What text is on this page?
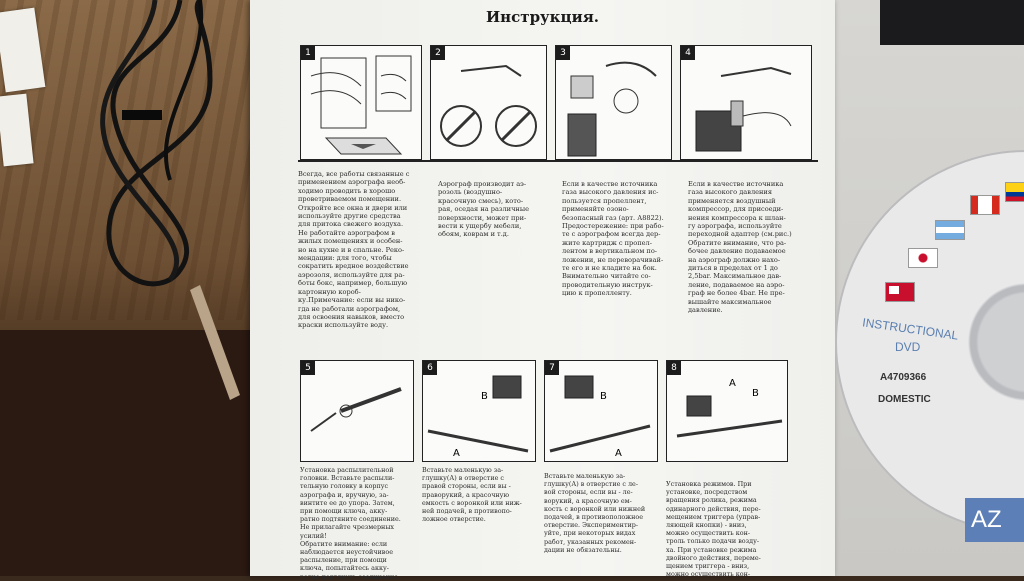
Инструкция.
1	2	3	4
Всегда, все работы связанные с
применением аэрографа необ-
ходимо проводить в хорошо
проветриваемом помещении.
Откройте все окна и двери или
используйте другие средства
для притока свежего воздуха.
Не работайте аэрографом в
жилых помещениях и особен-
но на кухне и в спальне. Реко-
мендации: для того, чтобы
сократить вредное воздействие
аэрозоля, используйте для ра-
боты бокс, например, большую
картонную короб-
ку.Примечание: если вы нико-
гда не работали аэрографом,
для освоения навыков, вместо
краски используйте воду.
Аэрограф производит аэ-
розоль (воздушно-
красочную смесь), кото-
рая, оседая на различные
поверхности, может при-
вести к ущербу мебели,
обоям, коврам и т.д.
Если в качестве источника
газа высокого давления ис-
пользуется пропеллент,
применяйте озоно-
безопасный газ (арт. А8822).
Предостережение: при рабо-
те с аэрографом всегда дер-
жите картридж с пропел-
лентом в вертикальном по-
ложении, не переворачивай-
те его и не кладите на бок.
Внимательно читайте со-
проводительную инструк-
цию к пропелленту.
Если в качестве источника
газа высокого давления
применяется воздушный
компрессор, для присоеди-
нения компрессора к шлан-
гу аэрографа, используйте
переходной адаптер (см.рис.)
Обратите внимание, что ра-
бочее давление подаваемое
на аэрограф должно нахо-
диться в пределах от 1 до
2,5bar. Максимальное дав-
ление, подаваемое на аэро-
граф не более 4bar. Не пре-
вышайте максимальное
давление.
5	6
B
A
7
B
A
8
A
B
Установка распылительной
головки. Вставьте распыли-
тельную головку в корпус
аэрографа и, вручную, за-
винтите ее до упора. Затем,
при помощи ключа, акку-
ратно подтяните соединение.
Не прилагайте чрезмерных
усилий!
Обратите внимание: если
наблюдается неустойчивое
распыление, при помощи
ключа, попытайтесь акку-
ратно подтянуть соединение.
Вставьте маленькую за-
глушку(А) в отверстие с
правой стороны, если вы -
праворукий, а красочную
емкость с воронкой или ниж-
ней подачей, в противопо-
ложное отверстие.
Вставьте маленькую за-
глушку(А) в отверстие с ле-
вой стороны, если вы - ле-
ворукий, а красочную ем-
кость с воронкой или нижней
подачей, в противоположное
отверстие. Экспериментир-
уйте, при некоторых видах
работ, указанных рекомен-
дации не обязательны.
Установка режимов. При
установке, посредством
вращения ролика, режима
одинарного действия, пере-
мещением триггера (управ-
ляющей кнопки) - вниз,
можно осуществить кон-
троль только подачи возду-
ха. При установке режима
двойного действия, переме-
щением триггера - вниз,
можно осуществить кон-
INSTRUCTIONAL
DVD
A4709366
DOMESTIC
AZ
